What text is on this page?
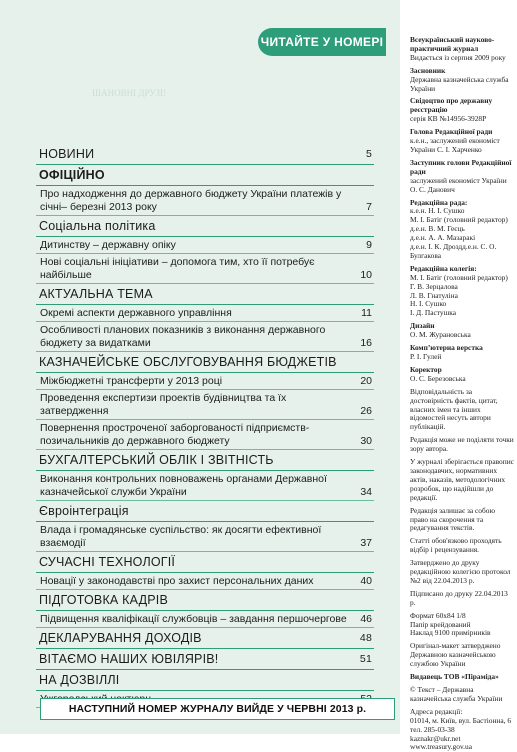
ШАНОВНІ ДРУЗІ!
ЧИТАЙТЕ У НОМЕРІ
НОВИНИ	5
ОФІЦІЙНО
Про надходження до державного бюджету України платежів у січні– березні 2013 року	7
Соціальна політика
Дитинству – державну опіку	9
Нові соціальні ініціативи – допомога тим, хто її потребує найбільше	10
АКТУАЛЬНА ТЕМА
Окремі аспекти державного управління	11
Особливості планових показників з виконання державного бюджету за видатками	16
КАЗНАЧЕЙСЬКЕ ОБСЛУГОВУВАННЯ БЮДЖЕТІВ
Міжбюджетні трансферти у 2013 році	20
Проведення експертизи проектів будівництва та їх затвердження	26
Повернення простроченої заборгованості підприємств-позичальників до державного бюджету	30
БУХГАЛТЕРСЬКИЙ ОБЛІК І ЗВІТНІСТЬ
Виконання контрольних повноважень органами Державної казначейської служби України	34
Євроінтеграція
Влада і громадянське суспільство: як досягти ефективної взаємодії	37
СУЧАСНІ ТЕХНОЛОГІЇ
Новації у законодавстві про захист персональних даних	40
ПІДГОТОВКА КАДРІВ
Підвищення кваліфікації службовців – завдання першочергове	46
ДЕКЛАРУВАННЯ ДОХОДІВ	48
ВІТАЄМО НАШИХ ЮВІЛЯРІВ!	51
НА ДОЗВІЛЛІ
НАСТУПНИЙ НОМЕР ЖУРНАЛУ ВИЙДЕ У ЧЕРВНІ 2013 р.
Всеукраїнський науково-практичний журнал
Видається із серпня 2009 року
Засновник
Державна казначейська служба України
Свідоцтво про державну реєстрацію
серія КВ №14956-3928Р
Голова Редакційної ради
к.е.н., заслужений економіст України С. І. Харченко
Заступник голови Редакційної ради
заслужений економіст України О. С. Данович
Редакційна рада:
к.е.н. Н. І. Сушко
М. І. Батіг (головний редактор)
д.е.н. В. М. Геєць
д.е.н. А. А. Мазаракі
д.е.н. І. К. Дроздд.е.н. С. О. Булгакова
Редакційна колегія:
М. І. Батіг (головний редактор)
Г. В. Зерцалова
Л. В. Гнатуліна
Н. І. Сушко
І. Д. Пастушка
Дизайн
О. М. Журановська
Комп’ютерна верстка
Р. І. Гулей
Коректор
О. С. Березовська
Відповідальність за достовірність фактів, цитат, власних імен та інших відомостей несуть автори публікацій.
Редакція може не поділяти точки зору автора.
У журналі зберігається правопис законодавчих, нормативних актів, наказів, методологічних розробок, що надійшли до редакції.
Редакція залишає за собою право на скорочення та редагування текстів.
Статті обов'язково проходять відбір і рецензування.
Затверджено до друку редакційною колегією протокол №2 від 22.04.2013 р.
Підписано до друку 22.04.2013 р.
Формат 60х84 1/8
Папір крейдований
Наклад 9100 примірників
Оригінал-макет затверджено Державною казначейською службою України
Видавець ТОВ «Піраміда»
© Текст – Державна казначейська служба України
Адреса редакції:
01014, м. Київ, вул. Бастіонна, 6
тел. 285-03-38
kaznakr@ukr.net
www.treasury.gov.ua
